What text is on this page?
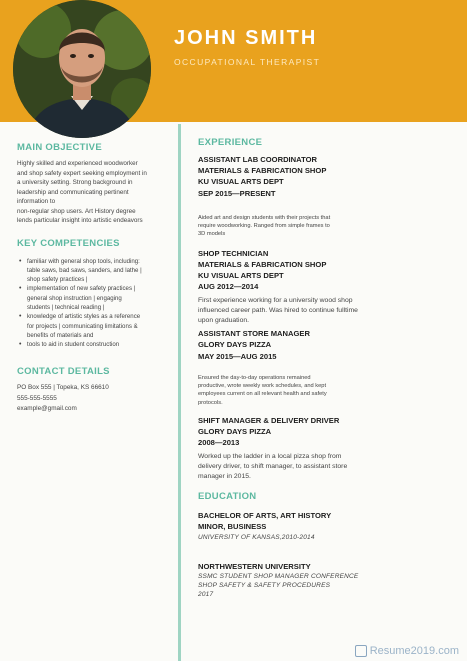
JOHN SMITH
OCCUPATIONAL THERAPIST
MAIN OBJECTIVE
Highly skilled and experienced woodworker
and shop safety expert seeking employment in
a university setting. Strong background in
leadership and communicating pertinent
information to
non-regular shop users. Art History degree
lends particular insight into artistic endeavors
KEY COMPETENCIES
• familiar with general shop tools, including:
table saws, bad saws, sanders, and lathe |
shop safety practices |
• implementation of new safety practices |
general shop instruction | engaging
students | technical reading |
• knowledge of artistic styles as a reference
for projects | communicating limitations &
benefits of materials and
• tools to aid in student construction
CONTACT DETAILS
PO Box 555 | Topeka, KS 66610
555-555-5555
example@gmail.com
EXPERIENCE
ASSISTANT LAB COORDINATOR
MATERIALS & FABRICATION SHOP
KU VISUAL ARTS DEPT
SEP 2015—PRESENT
Aided art and design students with their projects that
require woodworking. Ranged from simple frames to
3D models
SHOP TECHNICIAN
MATERIALS & FABRICATION SHOP
KU VISUAL ARTS DEPT
AUG 2012—2014
First experience working for a university wood shop
influenced career path. Was hired to continue fulltime
upon graduation.
ASSISTANT STORE MANAGER
GLORY DAYS PIZZA
MAY 2015—AUG 2015
Ensured the day-to-day operations remained
productive, wrote weekly work schedules, and kept
employees current on all relevant health and safety
protocols.
SHIFT MANAGER & DELIVERY DRIVER
GLORY DAYS PIZZA
2008—2013
Worked up the ladder in a local pizza shop from
delivery driver, to shift manager, to assistant store
manager in 2015.
EDUCATION
BACHELOR OF ARTS, ART HISTORY
MINOR, BUSINESS
UNIVERSITY OF KANSAS,2010-2014
NORTHWESTERN UNIVERSITY
SSMC STUDENT SHOP MANAGER CONFERENCE
SHOP SAFETY & SAFETY PROCEDURES
2017
Resume2019.com
